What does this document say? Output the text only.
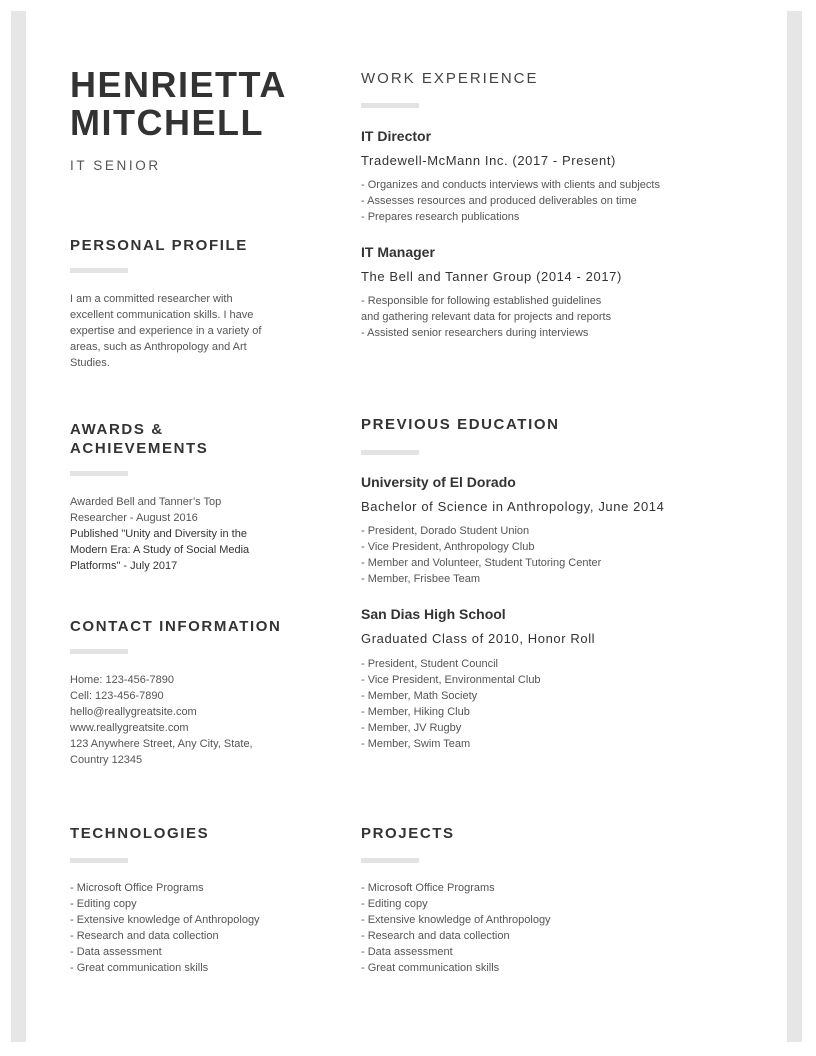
HENRIETTA
MITCHELL
IT SENIOR
PERSONAL PROFILE
I am a committed researcher with
excellent communication skills. I have
expertise and experience in a variety of
areas, such as Anthropology and Art
Studies.
AWARDS &
ACHIEVEMENTS
Awarded Bell and Tanner’s Top
Researcher - August 2016
Published "Unity and Diversity in the
Modern Era: A Study of Social Media
Platforms" - July 2017
CONTACT INFORMATION
Home: 123-456-7890
Cell: 123-456-7890
hello@reallygreatsite.com
www.reallygreatsite.com
123 Anywhere Street, Any City, State,
Country 12345
TECHNOLOGIES
- Microsoft Office Programs
- Editing copy
- Extensive knowledge of Anthropology
- Research and data collection
- Data assessment
- Great communication skills
WORK EXPERIENCE
IT Director
Tradewell-McMann Inc. (2017 - Present)
- Organizes and conducts interviews with clients and subjects
- Assesses resources and produced deliverables on time
- Prepares research publications
IT Manager
The Bell and Tanner Group (2014 - 2017)
- Responsible for following established guidelines
and gathering relevant data for projects and reports
- Assisted senior researchers during interviews
PREVIOUS EDUCATION
University of El Dorado
Bachelor of Science in Anthropology, June 2014
- President, Dorado Student Union
- Vice President, Anthropology Club
- Member and Volunteer, Student Tutoring Center
- Member, Frisbee Team
San Dias High School
Graduated Class of 2010, Honor Roll
- President, Student Council
- Vice President, Environmental Club
- Member, Math Society
- Member, Hiking Club
- Member, JV Rugby
- Member, Swim Team
PROJECTS
- Microsoft Office Programs
- Editing copy
- Extensive knowledge of Anthropology
- Research and data collection
- Data assessment
- Great communication skills
